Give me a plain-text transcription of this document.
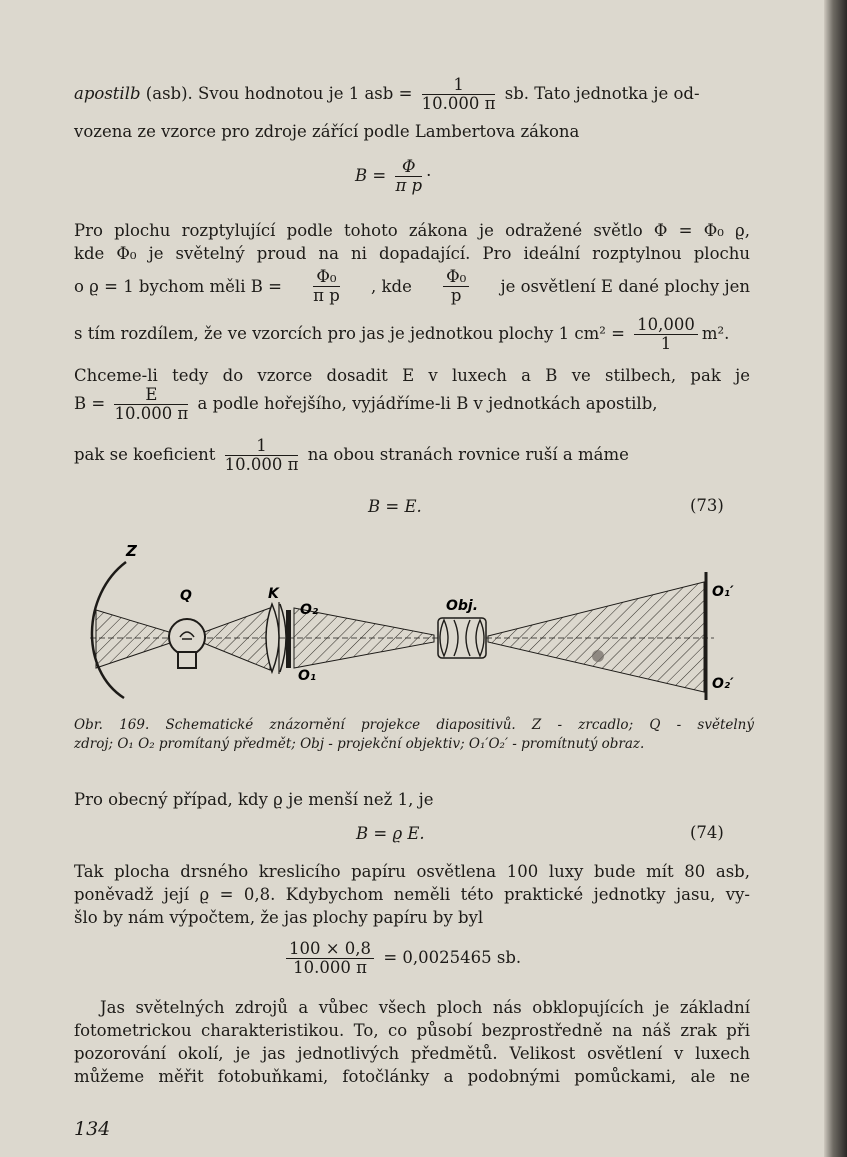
apostilb (asb). Svou hodnotou je 1 asb = $\frac{1}{10.000 \pi}$ sb. Tato jednotka je od-
vozena ze vzorce pro zdroje zářící podle Lambertova zákona
$B = \frac{\Phi}{\text{π p}}$ ·
Pro plochu rozptylující podle tohoto zákona je odražené světlo Φ = Φ₀ ϱ,
kde Φ₀ je světelný proud na ni dopadající. Pro ideální rozptylnou plochu
o ϱ = 1 bychom měli $B = \frac{\text{Φ₀}}{\text{π p}}$ , kde $\frac{\text{Φ₀}}{p}$ je osvětlení E dané plochy jen
s tím rozdílem, že ve vzorcích pro jas je jednotkou plochy 1 $cm^2 = \frac{10,000}{1} m^2$.
Chceme-li tedy do vzorce dosadit E v luxech a B ve stilbech, pak je
$B = \frac{E}{10.000 \pi}$ a podle hořejšího, vyjádříme-li B v jednotkách apostilb,
pak se koeficient $\frac{1}{10.000 \pi}$ na obou stranách rovnice ruší a máme
B = E.	(73)
Z
Q	K
O₂
O₁
Obj.
O₁′
O₂′
Obr. 169. Schematické znázornění projekce diapositivů. Z - zrcadlo; Q - světelný
zdroj; O₁ O₂ promítaný předmět; Obj - projekční objektiv; O₁′O₂′ - promítnutý obraz.
Pro obecný případ, kdy ϱ je menší než 1, je
B = ϱ E.	(74)
Tak plocha drsného kreslicího papíru osvětlena 100 luxy bude mít 80 asb,
poněvadž její ϱ = 0,8. Kdybychom neměli této praktické jednotky jasu, vy-
šlo by nám výpočtem, že jas plochy papíru by byl
$\frac{100 \times 0,8}{10.000 \pi} = 0,0025465$ sb.
Jas světelných zdrojů a vůbec všech ploch nás obklopujících je základní
fotometrickou charakteristikou. To, co působí bezprostředně na náš zrak při
pozorování okolí, je jas jednotlivých předmětů. Velikost osvětlení v luxech
můžeme měřit fotobuňkami, fotočlánky a podobnými pomůckami, ale ne
134
